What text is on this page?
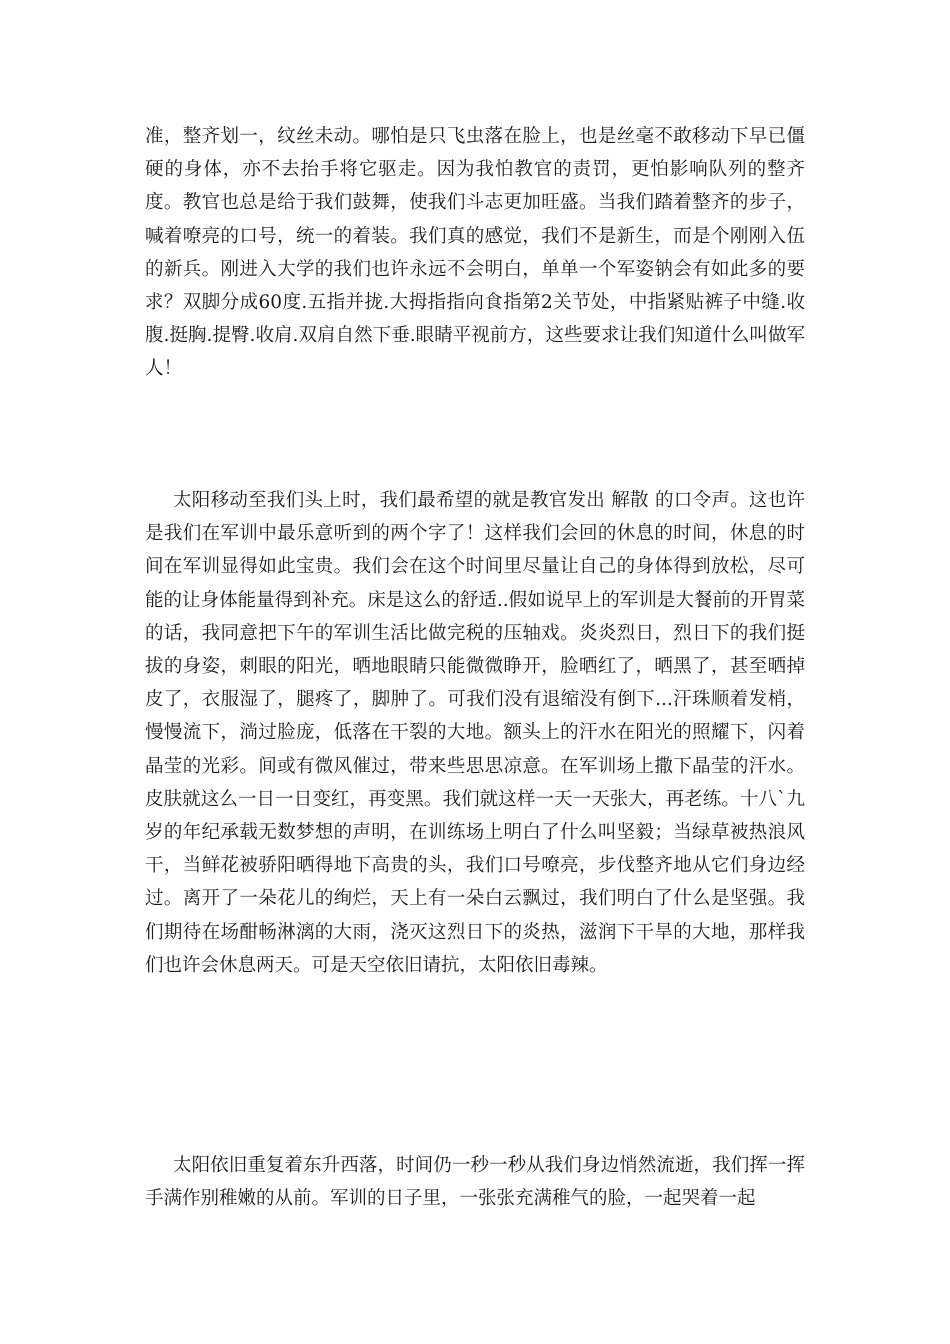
准，整齐划一，纹丝未动。哪怕是只飞虫落在脸上，也是丝毫不敢移动下早已僵硬的身体，亦不去抬手将它驱走。因为我怕教官的责罚，更怕影响队列的整齐度。教官也总是给于我们鼓舞，使我们斗志更加旺盛。当我们踏着整齐的步子，喊着嘹亮的口号，统一的着装。我们真的感觉，我们不是新生，而是个刚刚入伍的新兵。刚进入大学的我们也许永远不会明白，单单一个军姿钠会有如此多的要求？双脚分成60度.五指并拢.大拇指指向食指第2关节处，中指紧贴裤子中缝.收腹.挺胸.提臀.收肩.双肩自然下垂.眼睛平视前方，这些要求让我们知道什么叫做军人！

太阳移动至我们头上时，我们最希望的就是教官发出 解散 的口令声。这也许是我们在军训中最乐意听到的两个字了！这样我们会回的休息的时间，休息的时间在军训显得如此宝贵。我们会在这个时间里尽量让自己的身体得到放松，尽可能的让身体能量得到补充。床是这么的舒适..假如说早上的军训是大餐前的开胃菜的话，我同意把下午的军训生活比做完税的压轴戏。炎炎烈日，烈日下的我们挺拔的身姿，刺眼的阳光，晒地眼睛只能微微睁开，脸晒红了，晒黑了，甚至晒掉皮了，衣服湿了，腿疼了，脚肿了。可我们没有退缩没有倒下...汗珠顺着发梢，慢慢流下，淌过脸庞，低落在干裂的大地。额头上的汗水在阳光的照耀下，闪着晶莹的光彩。间或有微风催过，带来些思思凉意。在军训场上撒下晶莹的汗水。皮肤就这么一日一日变红，再变黑。我们就这样一天一天张大，再老练。十八`九岁的年纪承载无数梦想的声明，在训练场上明白了什么叫坚毅；当绿草被热浪风干，当鲜花被骄阳晒得地下高贵的头，我们口号嘹亮，步伐整齐地从它们身边经过。离开了一朵花儿的绚烂，天上有一朵白云飘过，我们明白了什么是坚强。我们期待在场酣畅淋漓的大雨，浇灭这烈日下的炎热，滋润下干旱的大地，那样我们也许会休息两天。可是天空依旧请抗，太阳依旧毒辣。

太阳依旧重复着东升西落，时间仍一秒一秒从我们身边悄然流逝，我们挥一挥手满作别稚嫩的从前。军训的日子里，一张张充满稚气的脸，一起哭着一起
